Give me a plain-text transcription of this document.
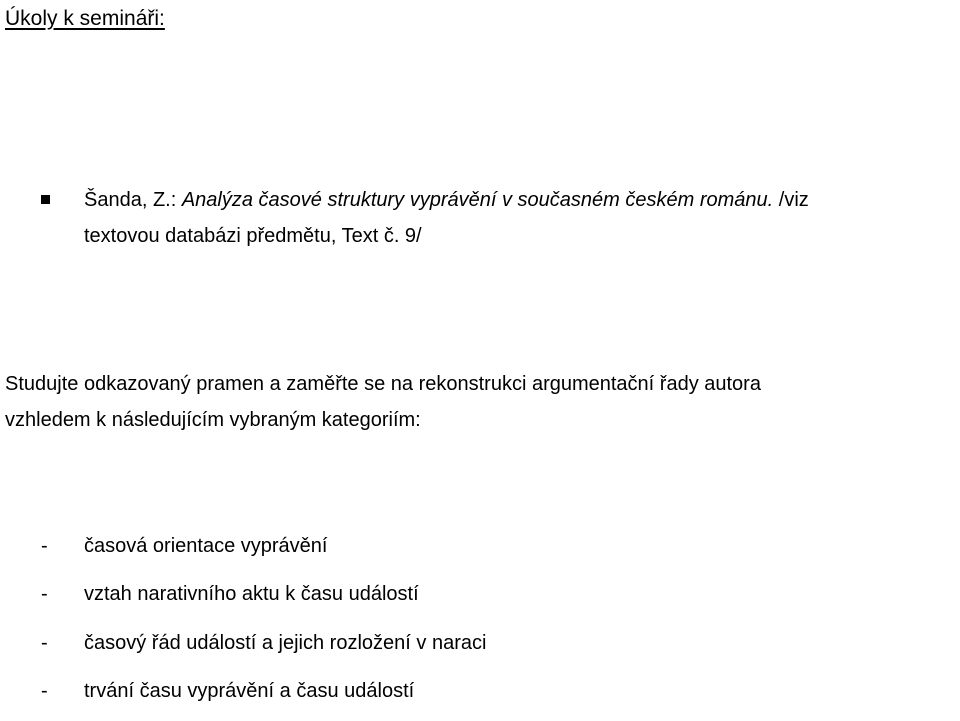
Úkoly k semináři:
Šanda, Z.: Analýza časové struktury vyprávění v současném českém románu. /viz
textovou databázi předmětu, Text č. 9/
Studujte odkazovaný pramen a zaměřte se na rekonstrukci argumentační řady autora
vzhledem k následujícím vybraným kategoriím:
- časová orientace vyprávění
- vztah narativního aktu k času událostí
- časový řád událostí a jejich rozložení v naraci
- trvání času vyprávění a času událostí
